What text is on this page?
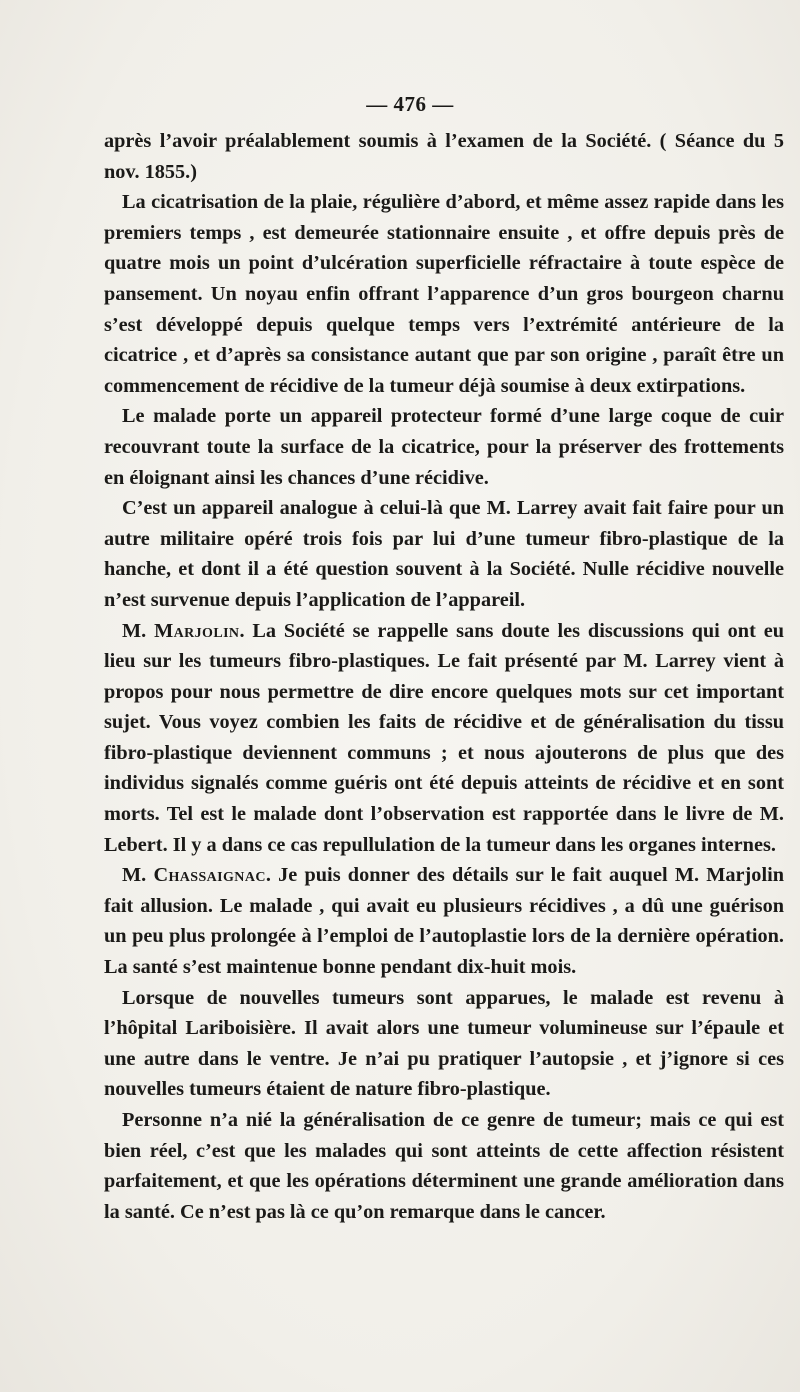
— 476 —

après l’avoir préalablement soumis à l’examen de la Société. ( Séance du 5 nov. 1855.)

La cicatrisation de la plaie, régulière d’abord, et même assez rapide dans les premiers temps , est demeurée stationnaire ensuite , et offre depuis près de quatre mois un point d’ulcération superficielle réfractaire à toute espèce de pansement. Un noyau enfin offrant l’apparence d’un gros bourgeon charnu s’est développé depuis quelque temps vers l’extrémité antérieure de la cicatrice , et d’après sa consistance autant que par son origine , paraît être un commencement de récidive de la tumeur déjà soumise à deux extirpations.

Le malade porte un appareil protecteur formé d’une large coque de cuir recouvrant toute la surface de la cicatrice, pour la préserver des frottements en éloignant ainsi les chances d’une récidive.

C’est un appareil analogue à celui-là que M. Larrey avait fait faire pour un autre militaire opéré trois fois par lui d’une tumeur fibro-plastique de la hanche, et dont il a été question souvent à la Société. Nulle récidive nouvelle n’est survenue depuis l’application de l’appareil.

M. Marjolin. La Société se rappelle sans doute les discussions qui ont eu lieu sur les tumeurs fibro-plastiques. Le fait présenté par M. Larrey vient à propos pour nous permettre de dire encore quelques mots sur cet important sujet. Vous voyez combien les faits de récidive et de généralisation du tissu fibro-plastique deviennent communs ; et nous ajouterons de plus que des individus signalés comme guéris ont été depuis atteints de récidive et en sont morts. Tel est le malade dont l’observation est rapportée dans le livre de M. Lebert. Il y a dans ce cas repullulation de la tumeur dans les organes internes.

M. Chassaignac. Je puis donner des détails sur le fait auquel M. Marjolin fait allusion. Le malade , qui avait eu plusieurs récidives , a dû une guérison un peu plus prolongée à l’emploi de l’autoplastie lors de la dernière opération. La santé s’est maintenue bonne pendant dix-huit mois.

Lorsque de nouvelles tumeurs sont apparues, le malade est revenu à l’hôpital Lariboisière. Il avait alors une tumeur volumineuse sur l’épaule et une autre dans le ventre. Je n’ai pu pratiquer l’autopsie , et j’ignore si ces nouvelles tumeurs étaient de nature fibro-plastique.

Personne n’a nié la généralisation de ce genre de tumeur; mais ce qui est bien réel, c’est que les malades qui sont atteints de cette affection résistent parfaitement, et que les opérations déterminent une grande amélioration dans la santé. Ce n’est pas là ce qu’on remarque dans le cancer.
